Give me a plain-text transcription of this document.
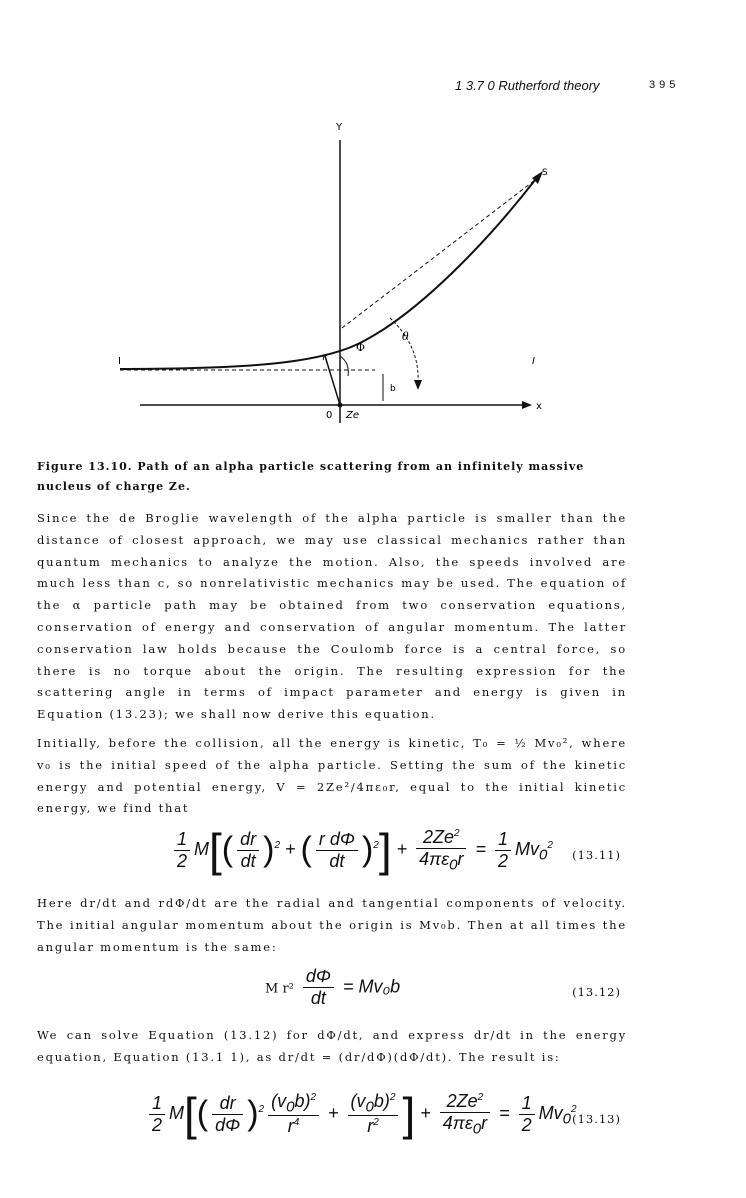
1 3.7 0 Rutherford theory	395
Y
x
S
θ
Φ
r
b
0 Ze
I	I
Figure 13.10. Path of an alpha particle scattering from an infinitely massive nucleus of charge Ze.
Since the de Broglie wavelength of the alpha particle is smaller than the distance of closest approach, we may use classical mechanics rather than quantum mechanics to analyze the motion. Also, the speeds involved are much less than c, so nonrelativistic mechanics may be used. The equation of the α particle path may be obtained from two conservation equations, conservation of energy and conservation of angular momentum. The latter conservation law holds because the Coulomb force is a central force, so there is no torque about the origin. The resulting expression for the scattering angle in terms of impact parameter and energy is given in Equation (13.23); we shall now derive this equation.
Initially, before the collision, all the energy is kinetic, T₀ = ½ Mv₀², where v₀ is the initial speed of the alpha particle. Setting the sum of the kinetic energy and potential energy, V = 2Ze²/4πε₀r, equal to the initial kinetic energy, we find that
$\frac{1}{2} M[( \frac{dr}{dt} )^2$ + ( $\frac{\text{r dΦ}}{dt} )^2] + \frac{2Ze^2}{4\pi\varepsilon_0r} = \frac{1}{2} Mv_0^2$
(13.11)
Here dr/dt and rdΦ/dt are the radial and tangential components of velocity. The initial angular momentum about the origin is Mv₀b. Then at all times the angular momentum is the same:
M $r^2 \frac{d\Phi}{dt} = Mv_0b$	(13.12)
We can solve Equation (13.12) for dΦ/dt, and express dr/dt in the energy equation, Equation (13.1 1), as dr/dt = (dr/dΦ)(dΦ/dt). The result is:
$\frac{1}{2} M[( \frac{dr}{d\Phi} )^2 \frac{(v_0b)^2}{r^4} + \frac{(v_0b)^2}{r^2}$ ] + $\frac{2Ze^2}{4\pi\varepsilon_0r} = \frac{1}{2} Mv_0^2$
(13.13)
